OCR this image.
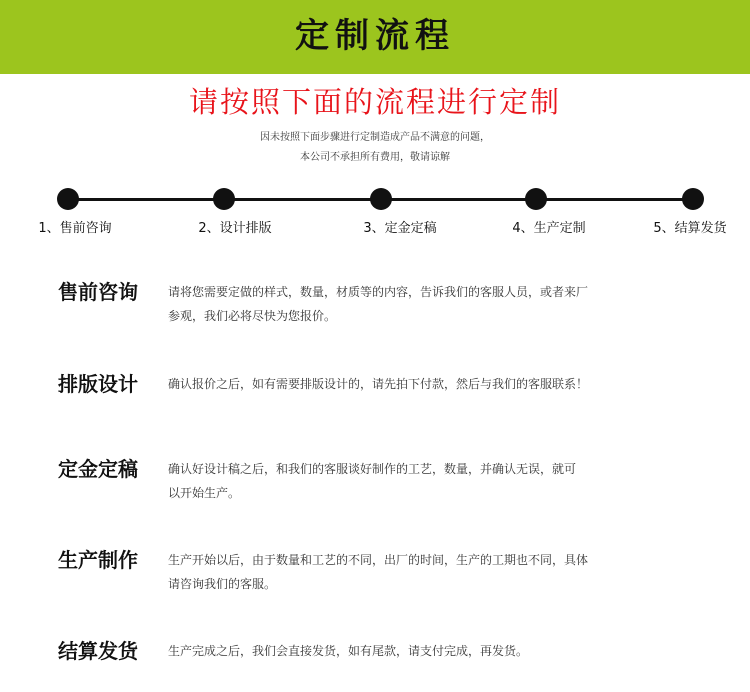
定制流程
请按照下面的流程进行定制
因未按照下面步骤进行定制造成产品不满意的问题，
本公司不承担所有费用，敬请谅解
1、售前咨询	2、设计排版	3、定金定稿	4、生产定制	5、结算发货
售前咨询	请将您需要定做的样式，数量，材质等的内容，告诉我们的客服人员，或者来厂
参观，我们必将尽快为您报价。
排版设计	确认报价之后，如有需要排版设计的，请先拍下付款，然后与我们的客服联系！
定金定稿	确认好设计稿之后，和我们的客服谈好制作的工艺，数量，并确认无误，就可
以开始生产。
生产制作	生产开始以后，由于数量和工艺的不同，出厂的时间，生产的工期也不同，具体
请咨询我们的客服。
结算发货	生产完成之后，我们会直接发货，如有尾款，请支付完成，再发货。
